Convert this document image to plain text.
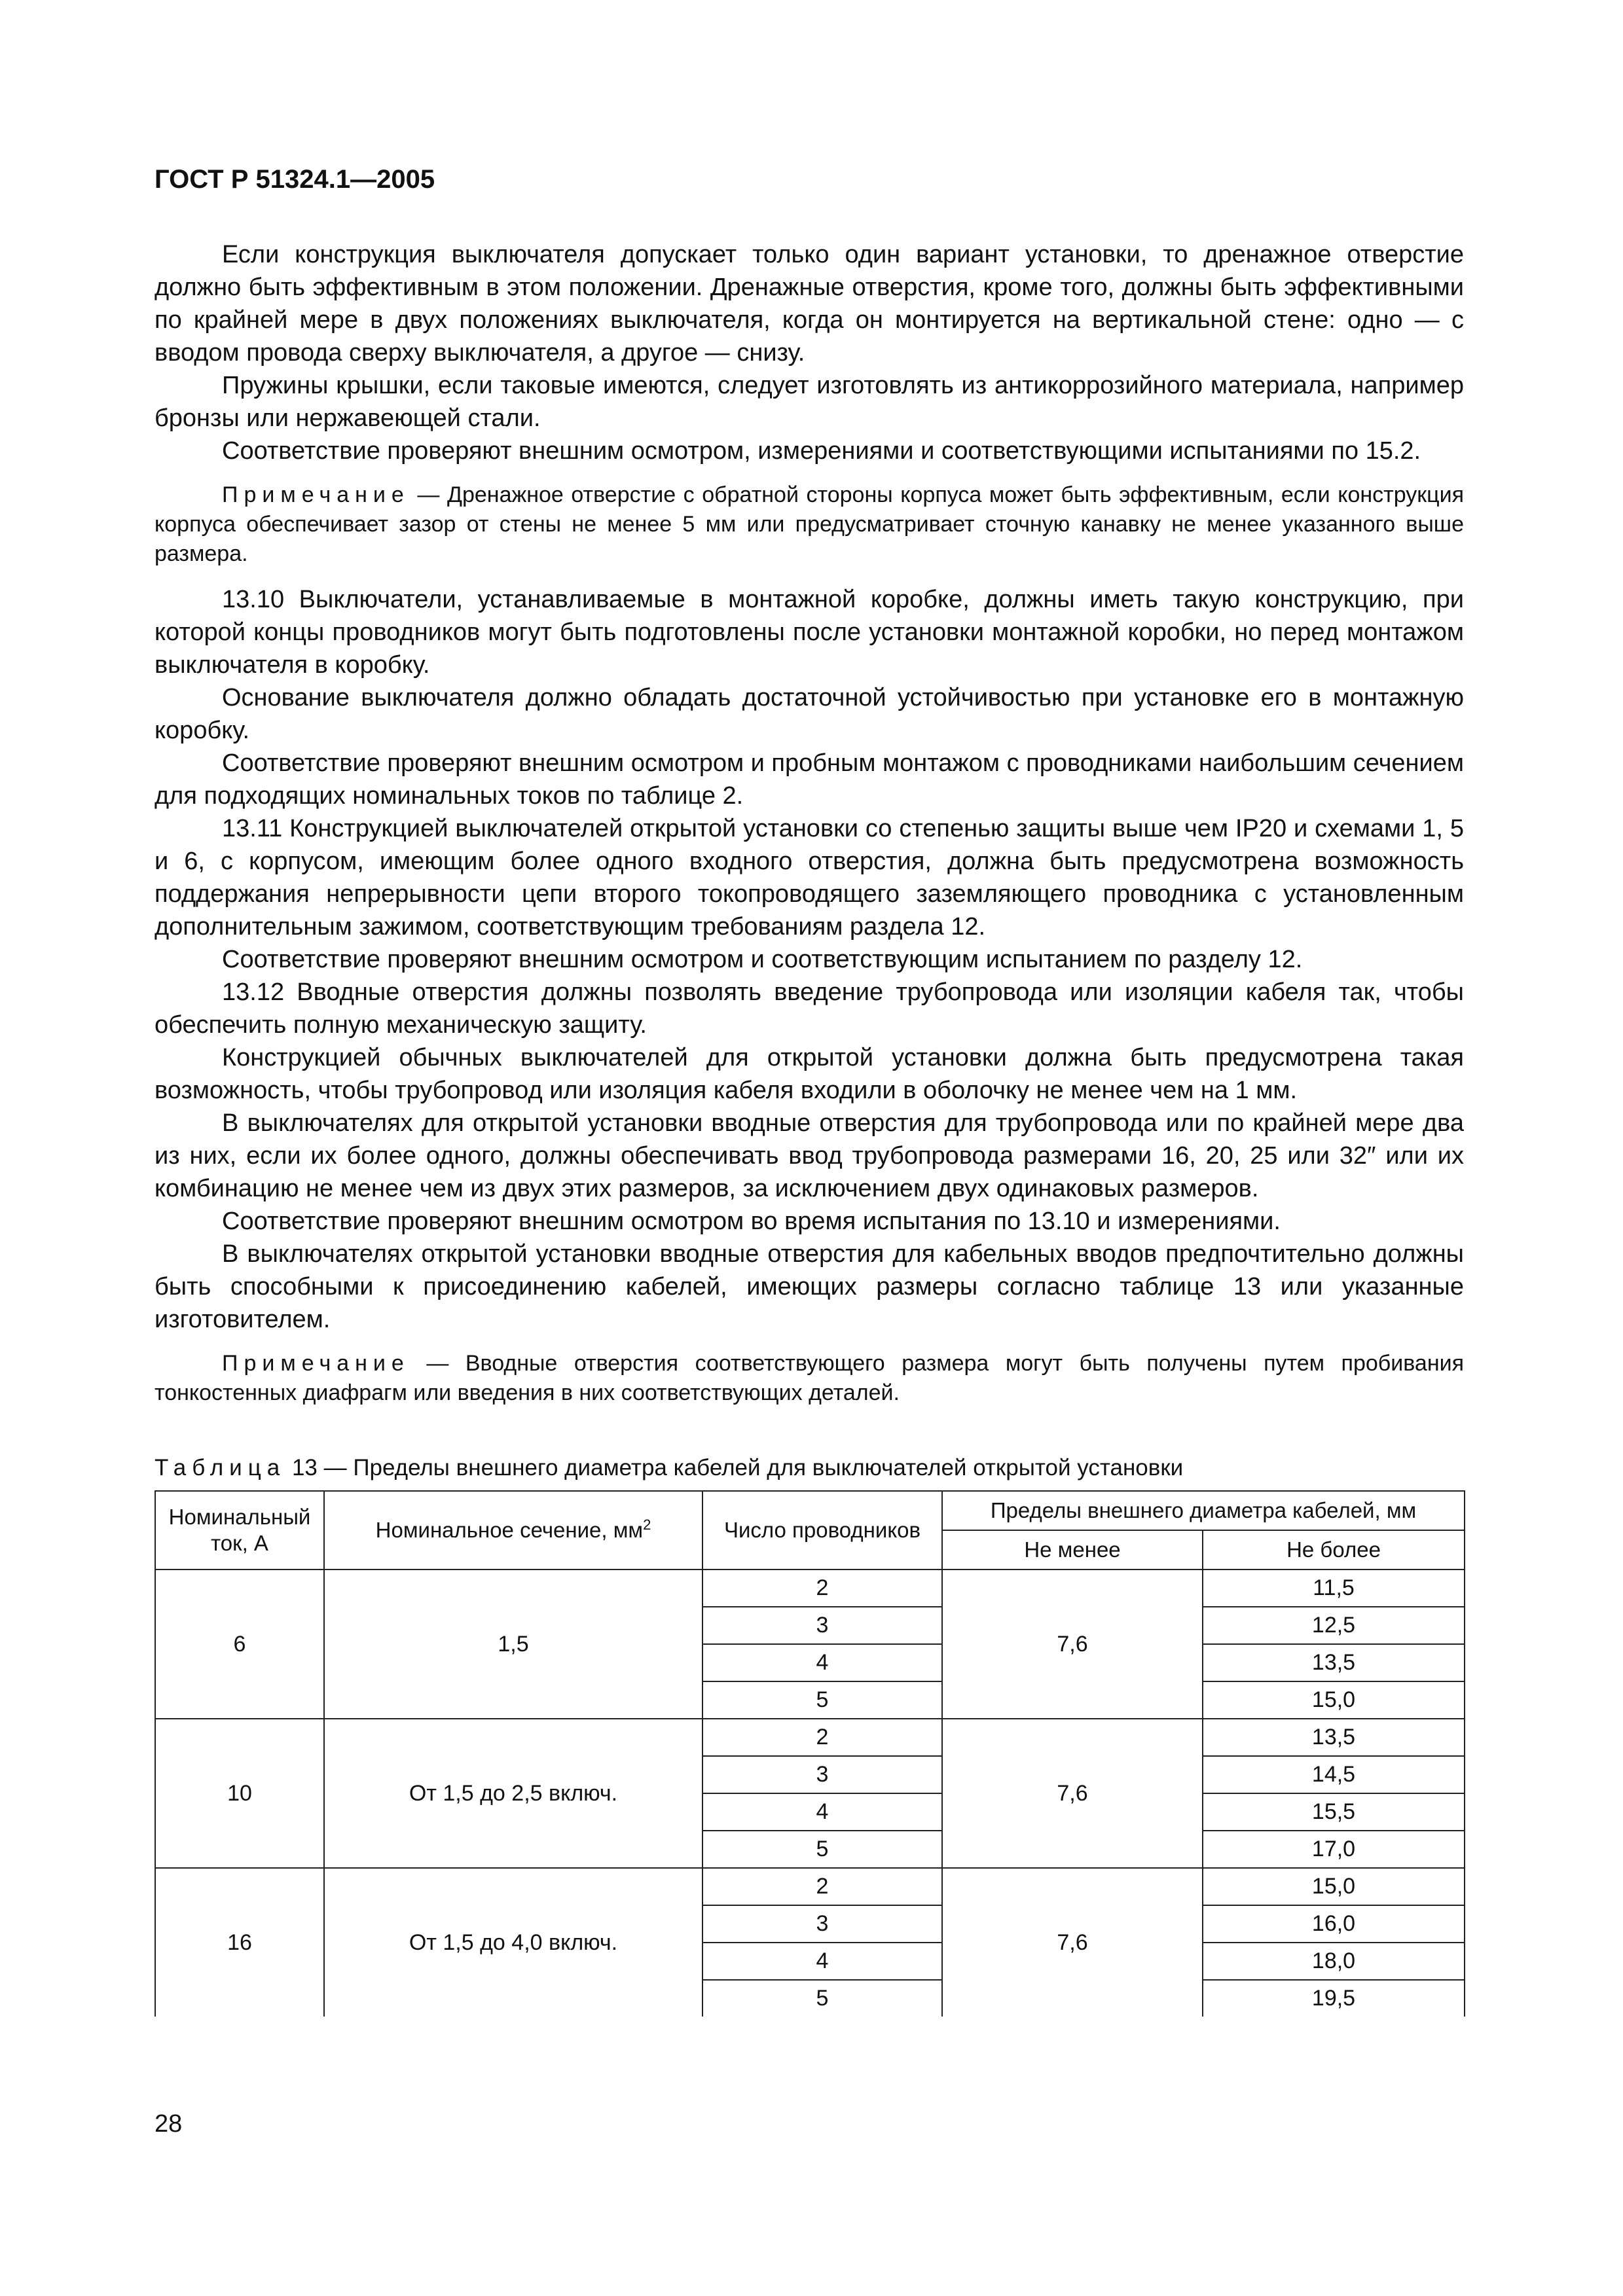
ГОСТ Р 51324.1—2005

Если конструкция выключателя допускает только один вариант установки, то дренажное отверстие должно быть эффективным в этом положении. Дренажные отверстия, кроме того, должны быть эффективными по крайней мере в двух положениях выключателя, когда он монтируется на вертикальной стене: одно — с вводом провода сверху выключателя, а другое — снизу.

Пружины крышки, если таковые имеются, следует изготовлять из антикоррозийного материала, например бронзы или нержавеющей стали.

Соответствие проверяют внешним осмотром, измерениями и соответствующими испытаниями по 15.2.

Примечание — Дренажное отверстие с обратной стороны корпуса может быть эффективным, если конструкция корпуса обеспечивает зазор от стены не менее 5 мм или предусматривает сточную канавку не менее указанного выше размера.

13.10 Выключатели, устанавливаемые в монтажной коробке, должны иметь такую конструкцию, при которой концы проводников могут быть подготовлены после установки монтажной коробки, но перед монтажом выключателя в коробку.

Основание выключателя должно обладать достаточной устойчивостью при установке его в монтажную коробку.

Соответствие проверяют внешним осмотром и пробным монтажом с проводниками наибольшим сечением для подходящих номинальных токов по таблице 2.

13.11 Конструкцией выключателей открытой установки со степенью защиты выше чем IP20 и схемами 1, 5 и 6, с корпусом, имеющим более одного входного отверстия, должна быть предусмотрена возможность поддержания непрерывности цепи второго токопроводящего заземляющего проводника с установленным дополнительным зажимом, соответствующим требованиям раздела 12.

Соответствие проверяют внешним осмотром и соответствующим испытанием по разделу 12.

13.12 Вводные отверстия должны позволять введение трубопровода или изоляции кабеля так, чтобы обеспечить полную механическую защиту.

Конструкцией обычных выключателей для открытой установки должна быть предусмотрена такая возможность, чтобы трубопровод или изоляция кабеля входили в оболочку не менее чем на 1 мм.

В выключателях для открытой установки вводные отверстия для трубопровода или по крайней мере два из них, если их более одного, должны обеспечивать ввод трубопровода размерами 16, 20, 25 или 32″ или их комбинацию не менее чем из двух этих размеров, за исключением двух одинаковых размеров.

Соответствие проверяют внешним осмотром во время испытания по 13.10 и измерениями.

В выключателях открытой установки вводные отверстия для кабельных вводов предпочтительно должны быть способными к присоединению кабелей, имеющих размеры согласно таблице 13 или указанные изготовителем.

Примечание — Вводные отверстия соответствующего размера могут быть получены путем пробивания тонкостенных диафрагм или введения в них соответствующих деталей.
Таблица 13 — Пределы внешнего диаметра кабелей для выключателей открытой установки
Номинальный ток, А	Номинальное сечение, $мм^2$	Число проводников	Пределы внешнего диаметра кабелей, мм	
			Не менее	Не более
6	1,5	2	7,6	11,5
		3		12,5
		4		13,5
		5		15,0
10	От 1,5 до 2,5 включ.	2	7,6	13,5
		3		14,5
		4		15,5
		5		17,0
16	От 1,5 до 4,0 включ.	2	7,6	15,0
		3		16,0
		4		18,0
		5		19,5
28
